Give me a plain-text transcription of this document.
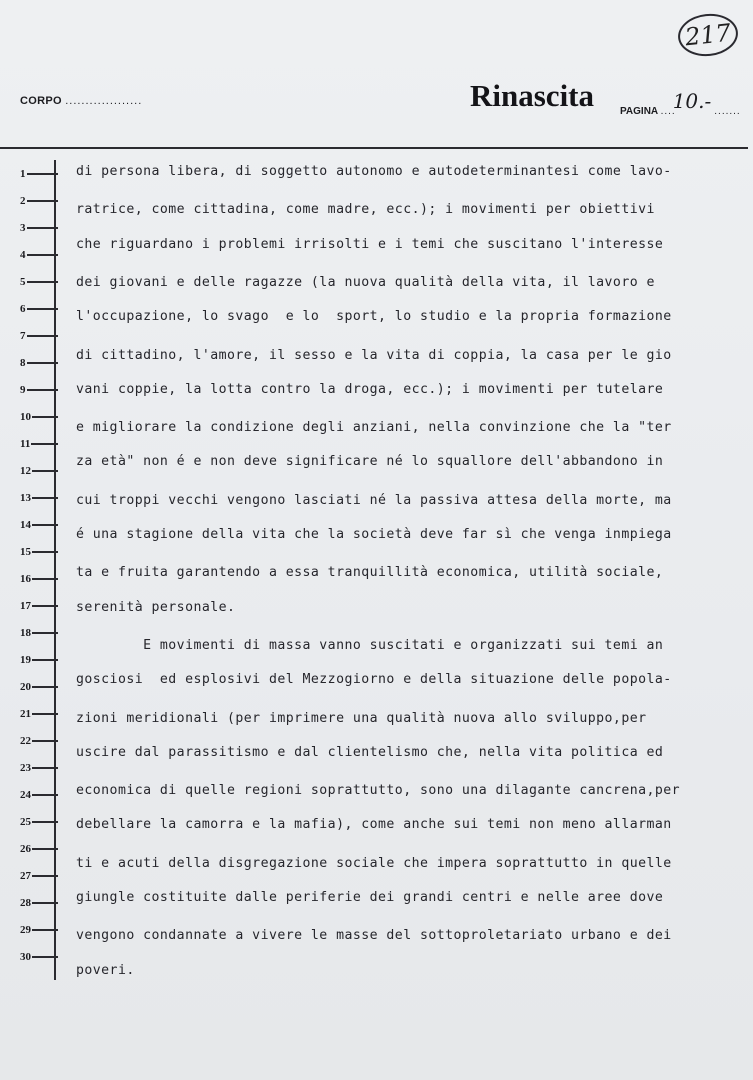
217
CORPO ...................	Rinascita	PAGINA ....10.- .......
1
2
3
4
5
6
7
8
9
10
11
12
13
14
15
16
17
18
19
20
21
22
23
24
25
26
27
28
29
30
di persona libera, di soggetto autonomo e autodeterminantesi come lavo-
ratrice, come cittadina, come madre, ecc.); i movimenti per obiettivi
che riguardano i problemi irrisolti e i temi che suscitano l'interesse
dei giovani e delle ragazze (la nuova qualità della vita, il lavoro e
l'occupazione, lo svago  e lo  sport, lo studio e la propria formazione
di cittadino, l'amore, il sesso e la vita di coppia, la casa per le gio
vani coppie, la lotta contro la droga, ecc.); i movimenti per tutelare
e migliorare la condizione degli anziani, nella convinzione che la "ter
za età" non é e non deve significare né lo squallore dell'abbandono in
cui troppi vecchi vengono lasciati né la passiva attesa della morte, ma
é una stagione della vita che la società deve far sì che venga inmpiega
ta e fruita garantendo a essa tranquillità economica, utilità sociale,
serenità personale.
E movimenti di massa vanno suscitati e organizzati sui temi an
gosciosi  ed esplosivi del Mezzogiorno e della situazione delle popola-
zioni meridionali (per imprimere una qualità nuova allo sviluppo,per
uscire dal parassitismo e dal clientelismo che, nella vita politica ed
economica di quelle regioni soprattutto, sono una dilagante cancrena,per
debellare la camorra e la mafia), come anche sui temi non meno allarman
ti e acuti della disgregazione sociale che impera soprattutto in quelle
giungle costituite dalle periferie dei grandi centri e nelle aree dove
vengono condannate a vivere le masse del sottoproletariato urbano e dei
poveri.
